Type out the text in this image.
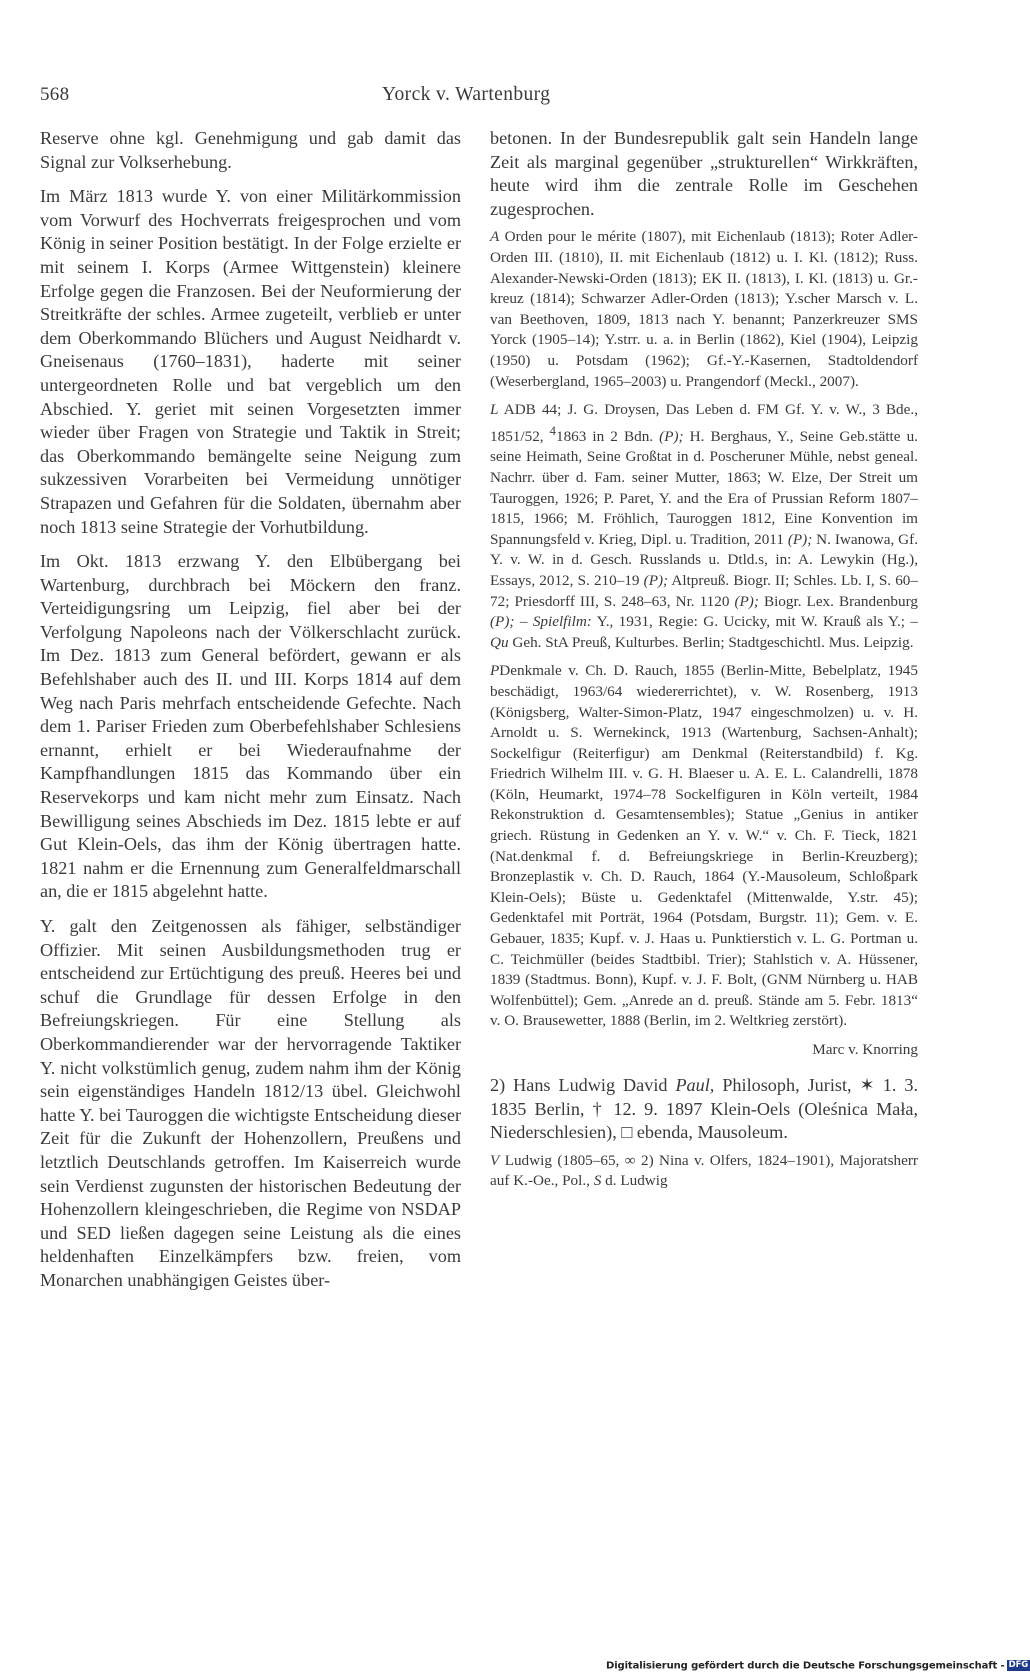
568	Yorck v. Wartenburg

Reserve ohne kgl. Genehmigung und gab damit das Signal zur Volkserhebung.

Im März 1813 wurde Y. von einer Militärkommission vom Vorwurf des Hochverrats freigesprochen und vom König in seiner Position bestätigt. In der Folge erzielte er mit seinem I. Korps (Armee Wittgenstein) kleinere Erfolge gegen die Franzosen. Bei der Neuformierung der Streitkräfte der schles. Armee zugeteilt, verblieb er unter dem Oberkommando Blüchers und August Neidhardt v. Gneisenaus (1760–1831), haderte mit seiner untergeordneten Rolle und bat vergeblich um den Abschied. Y. geriet mit seinen Vorgesetzten immer wieder über Fragen von Strategie und Taktik in Streit; das Oberkommando bemängelte seine Neigung zum sukzessiven Vorarbeiten bei Vermeidung unnötiger Strapazen und Gefahren für die Soldaten, übernahm aber noch 1813 seine Strategie der Vorhutbildung.

Im Okt. 1813 erzwang Y. den Elbübergang bei Wartenburg, durchbrach bei Möckern den franz. Verteidigungsring um Leipzig, fiel aber bei der Verfolgung Napoleons nach der Völkerschlacht zurück. Im Dez. 1813 zum General befördert, gewann er als Befehlshaber auch des II. und III. Korps 1814 auf dem Weg nach Paris mehrfach entscheidende Gefechte. Nach dem 1. Pariser Frieden zum Oberbefehlshaber Schlesiens ernannt, erhielt er bei Wiederaufnahme der Kampfhandlungen 1815 das Kommando über ein Reservekorps und kam nicht mehr zum Einsatz. Nach Bewilligung seines Abschieds im Dez. 1815 lebte er auf Gut Klein-Oels, das ihm der König übertragen hatte. 1821 nahm er die Ernennung zum Generalfeldmarschall an, die er 1815 abgelehnt hatte.

Y. galt den Zeitgenossen als fähiger, selbständiger Offizier. Mit seinen Ausbildungsmethoden trug er entscheidend zur Ertüchtigung des preuß. Heeres bei und schuf die Grundlage für dessen Erfolge in den Befreiungskriegen. Für eine Stellung als Oberkommandierender war der hervorragende Taktiker Y. nicht volkstümlich genug, zudem nahm ihm der König sein eigenständiges Handeln 1812/13 übel. Gleichwohl hatte Y. bei Tauroggen die wichtigste Entscheidung dieser Zeit für die Zukunft der Hohenzollern, Preußens und letztlich Deutschlands getroffen. Im Kaiserreich wurde sein Verdienst zugunsten der historischen Bedeutung der Hohenzollern kleingeschrieben, die Regime von NSDAP und SED ließen dagegen seine Leistung als die eines heldenhaften Einzelkämpfers bzw. freien, vom Monarchen unabhängigen Geistes über-

betonen. In der Bundesrepublik galt sein Handeln lange Zeit als marginal gegenüber „strukturellen“ Wirkkräften, heute wird ihm die zentrale Rolle im Geschehen zugesprochen.

A Orden pour le mérite (1807), mit Eichenlaub (1813); Roter Adler-Orden III. (1810), II. mit Eichenlaub (1812) u. I. Kl. (1812); Russ. Alexander-Newski-Orden (1813); EK II. (1813), I. Kl. (1813) u. Gr.-kreuz (1814); Schwarzer Adler-Orden (1813); Y.scher Marsch v. L. van Beethoven, 1809, 1813 nach Y. benannt; Panzerkreuzer SMS Yorck (1905–14); Y.strr. u. a. in Berlin (1862), Kiel (1904), Leipzig (1950) u. Potsdam (1962); Gf.-Y.-Kasernen, Stadtoldendorf (Weserbergland, 1965–2003) u. Prangendorf (Meckl., 2007).

L ADB 44; J. G. Droysen, Das Leben d. FM Gf. Y. v. W., 3 Bde., 1851/52, $^4$1863 in 2 Bdn. (P); H. Berghaus, Y., Seine Geb.stätte u. seine Heimath, Seine Großtat in d. Poscheruner Mühle, nebst geneal. Nachrr. über d. Fam. seiner Mutter, 1863; W. Elze, Der Streit um Tauroggen, 1926; P. Paret, Y. and the Era of Prussian Reform 1807–1815, 1966; M. Fröhlich, Tauroggen 1812, Eine Konvention im Spannungsfeld v. Krieg, Dipl. u. Tradition, 2011 (P); N. Iwanowa, Gf. Y. v. W. in d. Gesch. Russlands u. Dtld.s, in: A. Lewykin (Hg.), Essays, 2012, S. 210–19 (P); Altpreuß. Biogr. II; Schles. Lb. I, S. 60–72; Priesdorff III, S. 248–63, Nr. 1120 (P); Biogr. Lex. Brandenburg (P); – Spielfilm: Y., 1931, Regie: G. Ucicky, mit W. Krauß als Y.; – Qu Geh. StA Preuß, Kulturbes. Berlin; Stadtgeschichtl. Mus. Leipzig.

PDenkmale v. Ch. D. Rauch, 1855 (Berlin-Mitte, Bebelplatz, 1945 beschädigt, 1963/64 wiedererrichtet), v. W. Rosenberg, 1913 (Königsberg, Walter-Simon-Platz, 1947 eingeschmolzen) u. v. H. Arnoldt u. S. Wernekinck, 1913 (Wartenburg, Sachsen-Anhalt); Sockelfigur (Reiterfigur) am Denkmal (Reiterstandbild) f. Kg. Friedrich Wilhelm III. v. G. H. Blaeser u. A. E. L. Calandrelli, 1878 (Köln, Heumarkt, 1974–78 Sockelfiguren in Köln verteilt, 1984 Rekonstruktion d. Gesamtensembles); Statue „Genius in antiker griech. Rüstung in Gedenken an Y. v. W.“ v. Ch. F. Tieck, 1821 (Nat.denkmal f. d. Befreiungskriege in Berlin-Kreuzberg); Bronzeplastik v. Ch. D. Rauch, 1864 (Y.-Mausoleum, Schloßpark Klein-Oels); Büste u. Gedenktafel (Mittenwalde, Y.str. 45); Gedenktafel mit Porträt, 1964 (Potsdam, Burgstr. 11); Gem. v. E. Gebauer, 1835; Kupf. v. J. Haas u. Punktierstich v. L. G. Portman u. C. Teichmüller (beides Stadtbibl. Trier); Stahlstich v. A. Hüssener, 1839 (Stadtmus. Bonn), Kupf. v. J. F. Bolt, (GNM Nürnberg u. HAB Wolfenbüttel); Gem. „Anrede an d. preuß. Stände am 5. Febr. 1813“ v. O. Brausewetter, 1888 (Berlin, im 2. Weltkrieg zerstört).

Marc v. Knorring

2) Hans Ludwig David Paul, Philosoph, Jurist, ✶ 1. 3. 1835 Berlin, † 12. 9. 1897 Klein-Oels (Oleśnica Mała, Niederschlesien), □ ebenda, Mausoleum.

V Ludwig (1805–65, ∞ 2) Nina v. Olfers, 1824–1901), Majoratsherr auf K.-Oe., Pol., S d. Ludwig

Digitalisierung gefördert durch die Deutsche Forschungsgemeinschaft - DFG
